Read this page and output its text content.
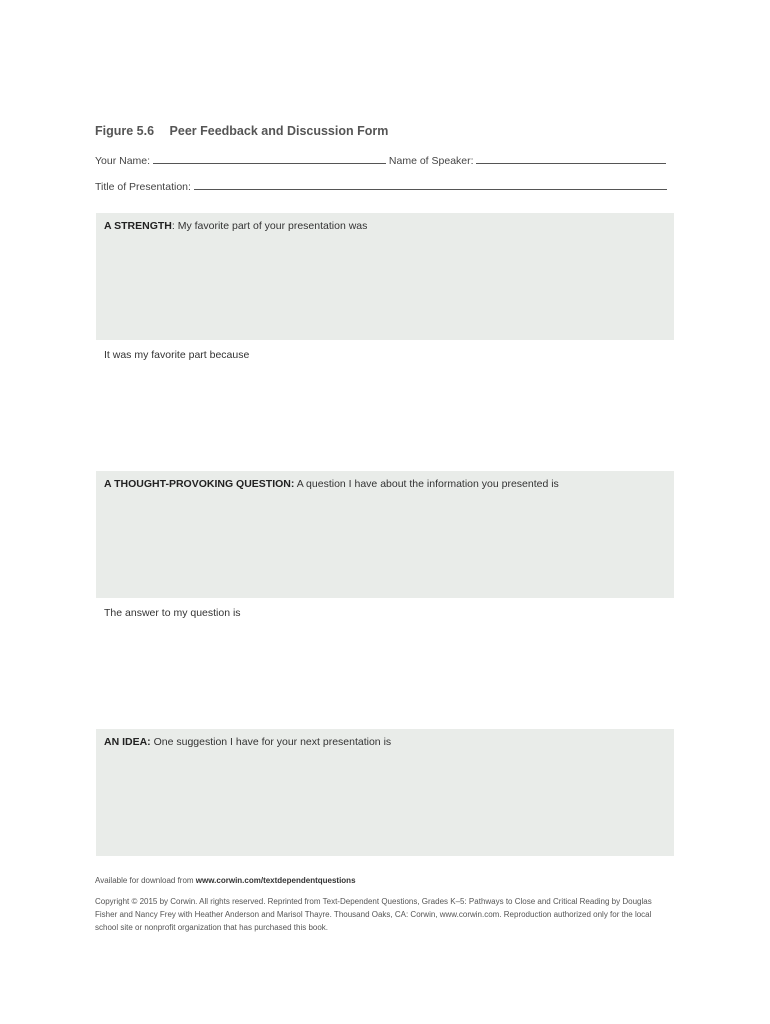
Figure 5.6 Peer Feedback and Discussion Form
Your Name:	Name of Speaker:
Title of Presentation:
A STRENGTH: My favorite part of your presentation was
It was my favorite part because
A THOUGHT-PROVOKING QUESTION: A question I have about the information you presented is
The answer to my question is
AN IDEA: One suggestion I have for your next presentation is
Available for download from www.corwin.com/textdependentquestions
Copyright © 2015 by Corwin. All rights reserved. Reprinted from Text-Dependent Questions, Grades K–5: Pathways to Close and Critical Reading by Douglas Fisher and Nancy Frey with Heather Anderson and Marisol Thayre. Thousand Oaks, CA: Corwin, www.corwin.com. Reproduction authorized only for the local school site or nonprofit organization that has purchased this book.
